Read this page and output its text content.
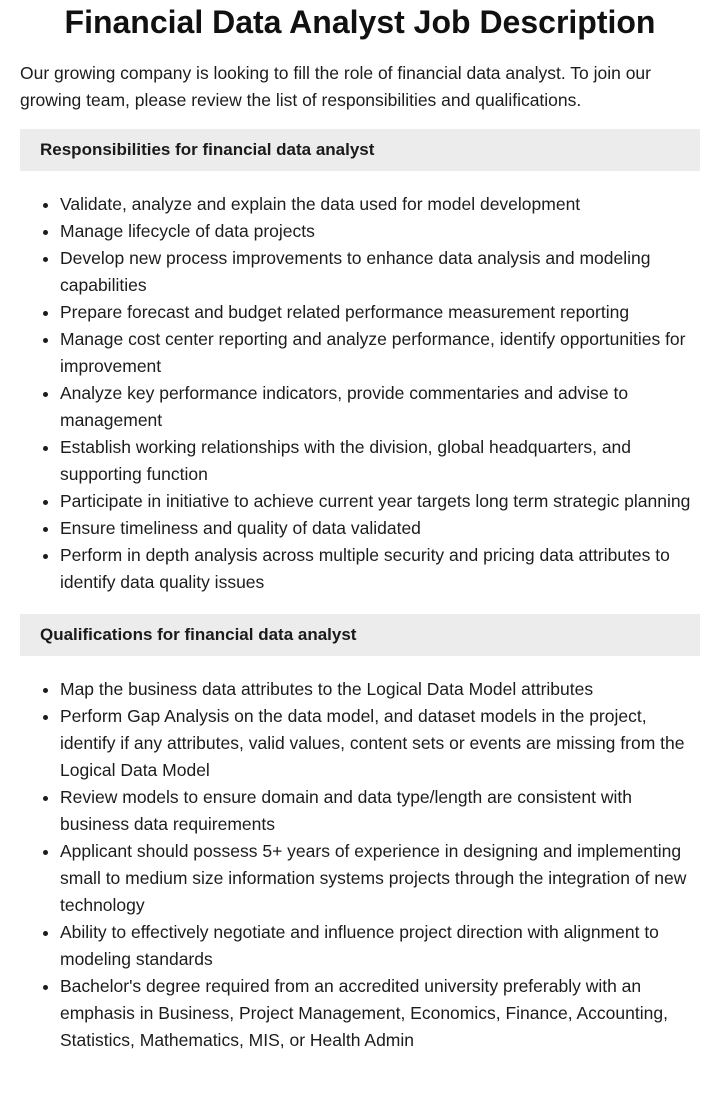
Financial Data Analyst Job Description

Our growing company is looking to fill the role of financial data analyst. To join our growing team, please review the list of responsibilities and qualifications.

Responsibilities for financial data analyst
• Validate, analyze and explain the data used for model development
• Manage lifecycle of data projects
• Develop new process improvements to enhance data analysis and modeling capabilities
• Prepare forecast and budget related performance measurement reporting
• Manage cost center reporting and analyze performance, identify opportunities for improvement
• Analyze key performance indicators, provide commentaries and advise to management
• Establish working relationships with the division, global headquarters, and supporting function
• Participate in initiative to achieve current year targets long term strategic planning
• Ensure timeliness and quality of data validated
• Perform in depth analysis across multiple security and pricing data attributes to identify data quality issues
Qualifications for financial data analyst
• Map the business data attributes to the Logical Data Model attributes
• Perform Gap Analysis on the data model, and dataset models in the project, identify if any attributes, valid values, content sets or events are missing from the Logical Data Model
• Review models to ensure domain and data type/length are consistent with business data requirements
• Applicant should possess 5+ years of experience in designing and implementing small to medium size information systems projects through the integration of new technology
• Ability to effectively negotiate and influence project direction with alignment to modeling standards
• Bachelor's degree required from an accredited university preferably with an emphasis in Business, Project Management, Economics, Finance, Accounting, Statistics, Mathematics, MIS, or Health Admin
